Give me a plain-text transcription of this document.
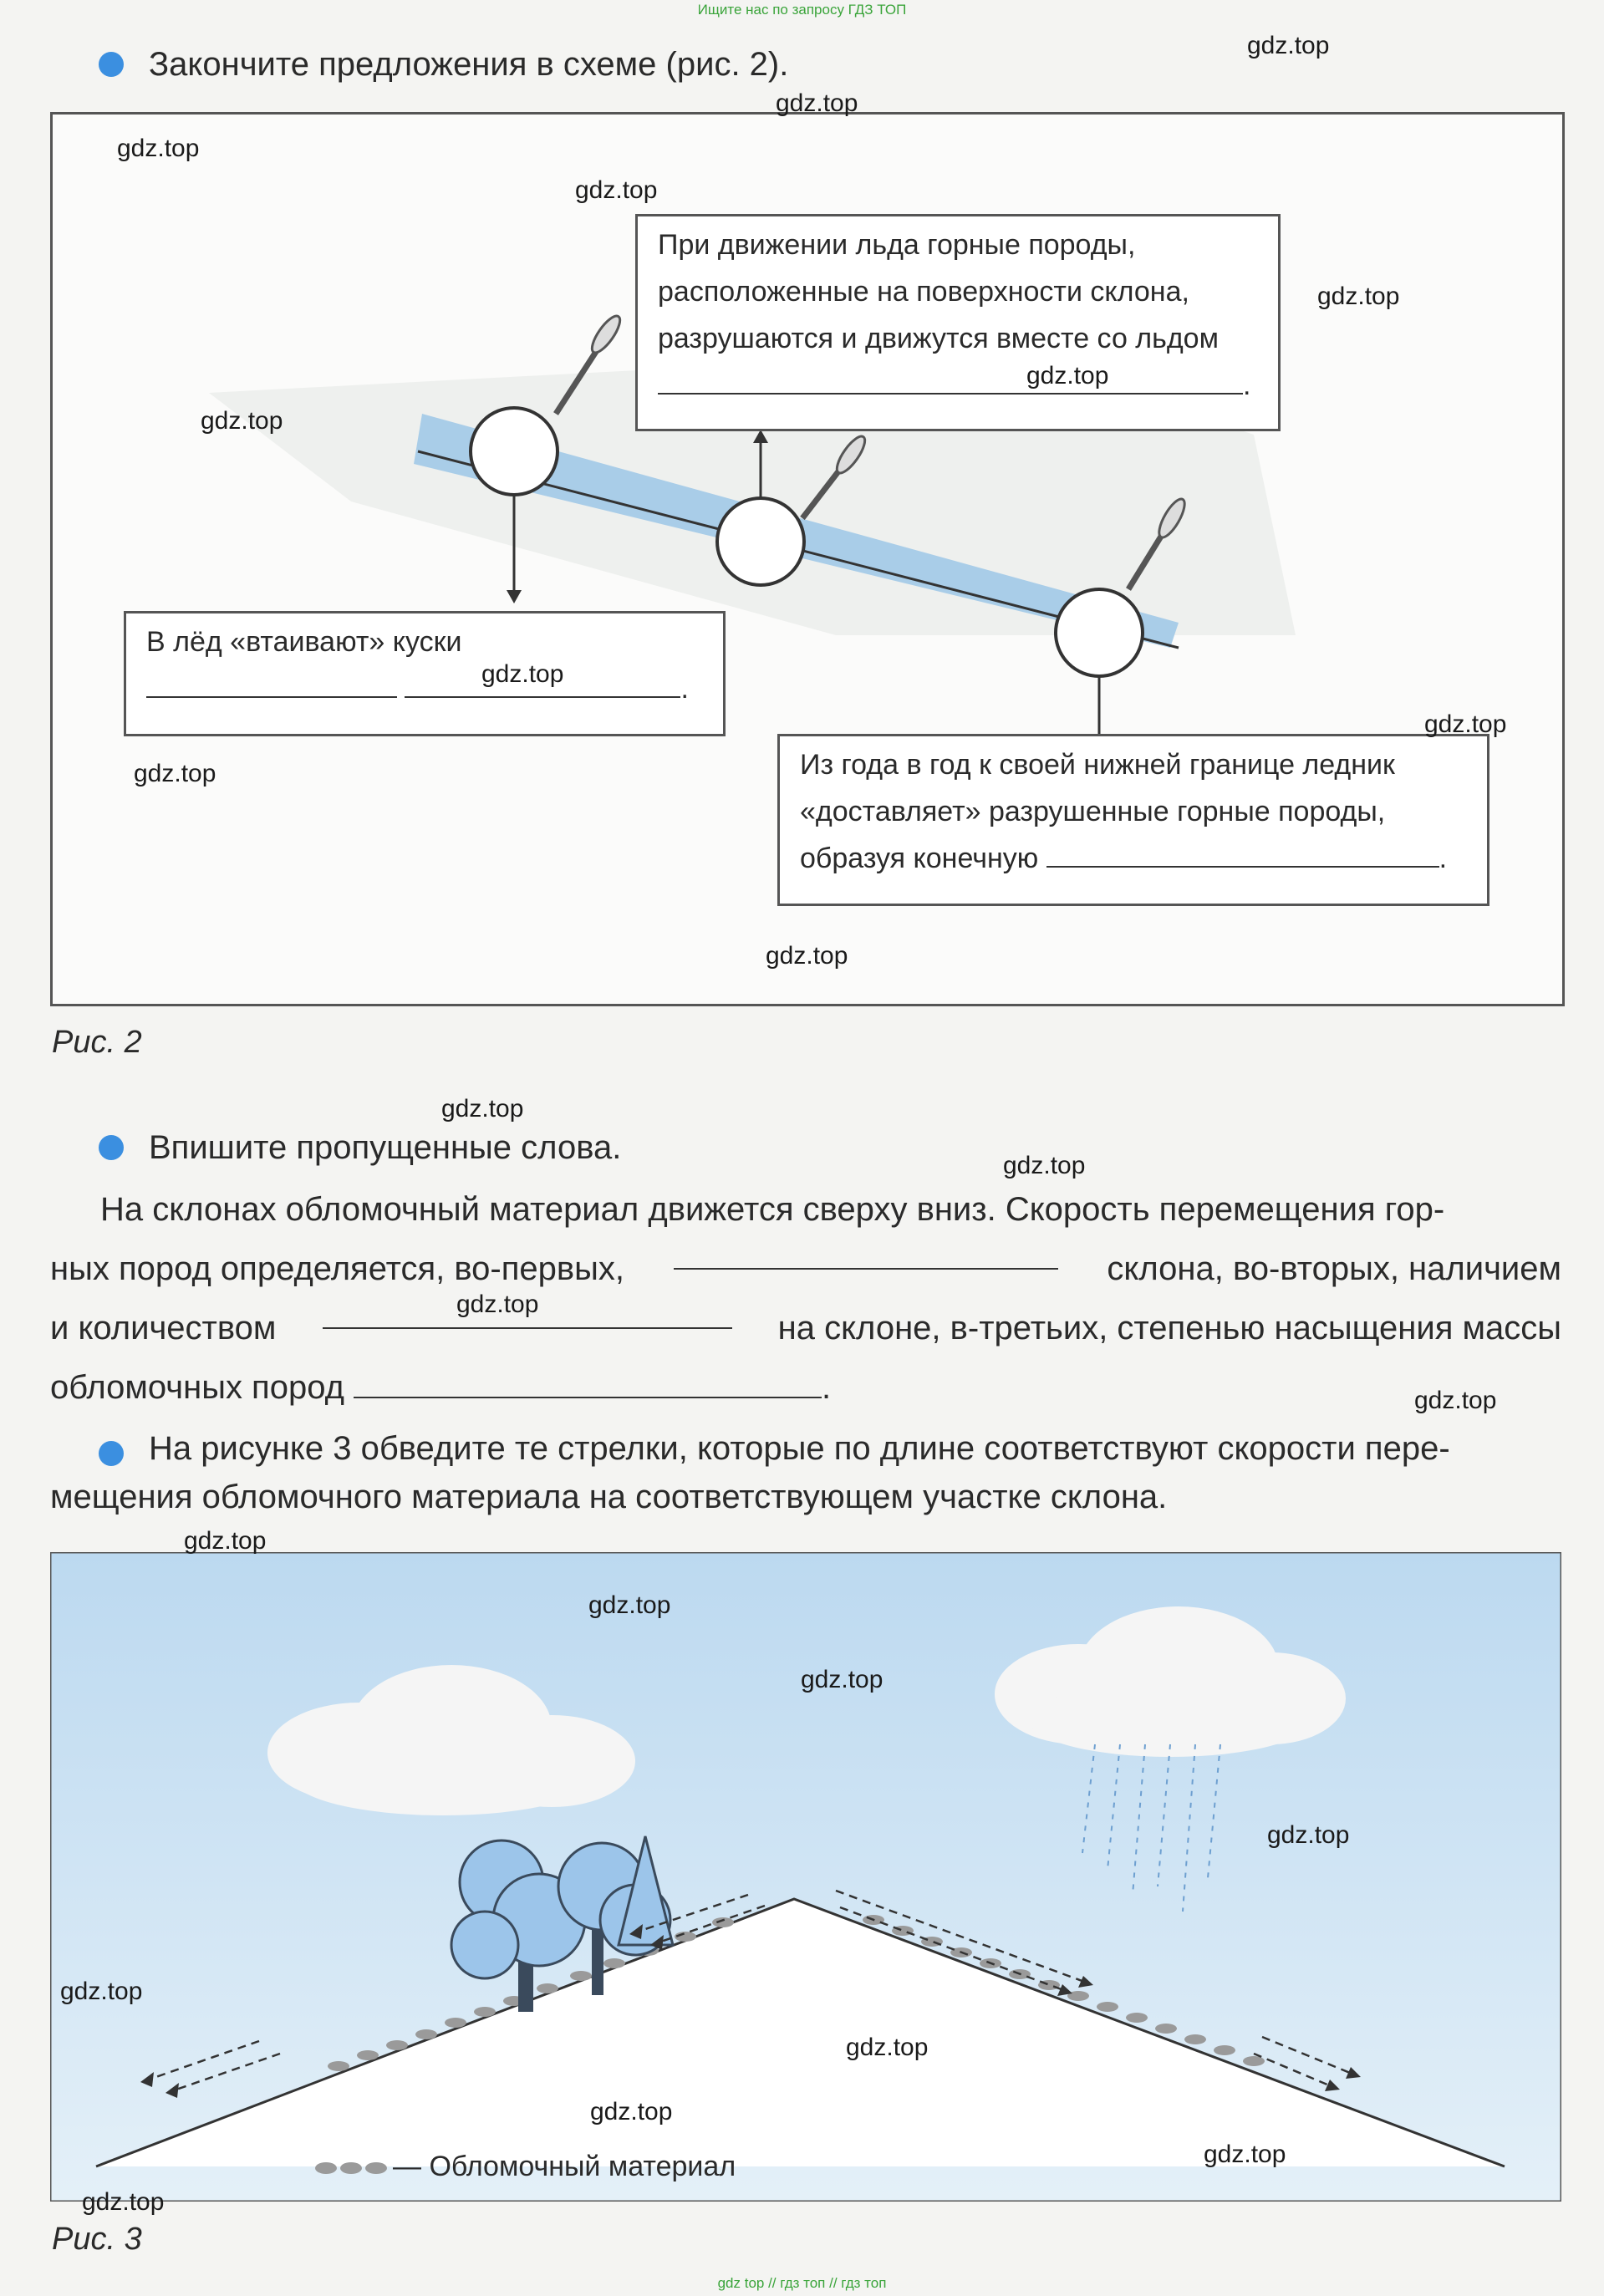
Ищите нас по запросу ГДЗ ТОП
gdz top // гдз топ // гдз топ
Закончите предложения в схеме (рис. 2).
При движении льда горные породы,
расположенные на поверхности склона,
разрушаются и движутся вместе со льдом
.
В лёд «втаивают» куски
.
Из года в год к своей нижней границе ледник
«доставляет» разрушенные горные породы,
образуя конечную	.
Рис. 2
Впишите пропущенные слова.
На склонах обломочный материал движется сверху вниз. Скорость перемещения гор-
ных пород определяется, во-первых,	склона, во-вторых, наличием
и количеством	на склоне, в-третьих, степенью насыщения массы
обломочных пород	.
На рисунке 3 обведите те стрелки, которые по длине соответствуют скорости пере-
мещения обломочного материала на соответствующем участке склона.
— Обломочный материал
Рис. 3
gdz.top
gdz.top
gdz.top
gdz.top
gdz.top
gdz.top
gdz.top
gdz.top
gdz.top
gdz.top
gdz.top
gdz.top
gdz.top
gdz.top
gdz.top
gdz.top
gdz.top
gdz.top
gdz.top
gdz.top
gdz.top
gdz.top
gdz.top
gdz.top
